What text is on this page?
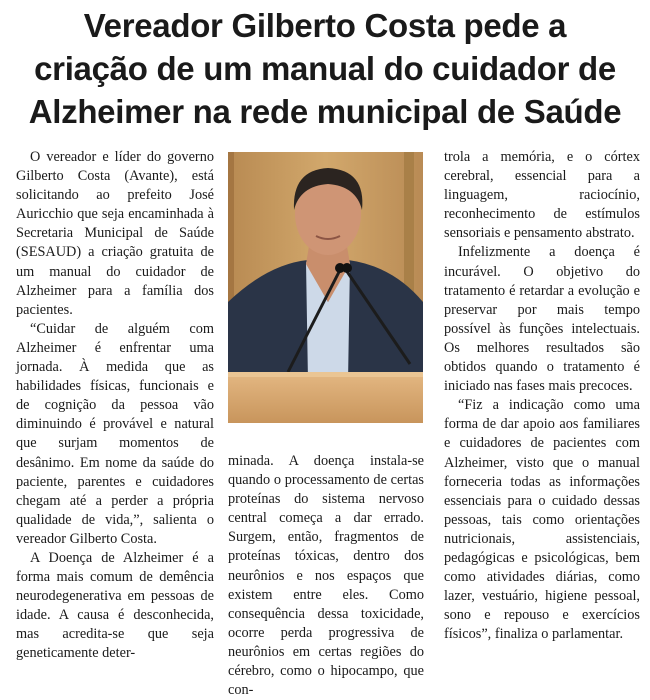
Vereador Gilberto Costa pede a
criação de um manual do cuidador de
Alzheimer na rede municipal de Saúde

O vereador e líder do governo Gilberto Costa (Avante), está solicitando ao prefeito José Auricchio que seja encaminhada à Secretaria Municipal de Saúde (SESAUD) a criação gratuita de um manual do cuidador de Alzheimer para a família dos pacientes.

“Cuidar de alguém com Alzheimer é enfrentar uma jornada. À medida que as habilidades físicas, funcionais e de cognição da pessoa vão diminuindo é provável e natural que surjam momentos de desânimo. Em nome da saúde do paciente, parentes e cuidadores chegam até a perder a própria qualidade de vida,”, salienta o vereador Gilberto Costa.

A Doença de Alzheimer é a forma mais comum de demência neurodegenerativa em pessoas de idade. A causa é desconhecida, mas acredita-se que seja geneticamente deter-

minada. A doença instala-se quando o processamento de certas proteínas do sistema nervoso central começa a dar errado. Surgem, então, fragmentos de proteínas tóxicas, dentro dos neurônios e nos espaços que existem entre eles. Como consequência dessa toxicidade, ocorre perda progressiva de neurônios em certas regiões do cérebro, como o hipocampo, que con-

trola a memória, e o córtex cerebral, essencial para a linguagem, raciocínio, reconhecimento de estímulos sensoriais e pensamento abstrato.

Infelizmente a doença é incurável. O objetivo do tratamento é retardar a evolução e preservar por mais tempo possível às funções intelectuais. Os melhores resultados são obtidos quando o tratamento é iniciado nas fases mais precoces.

“Fiz a indicação como uma forma de dar apoio aos familiares e cuidadores de pacientes com Alzheimer, visto que o manual forneceria todas as informações essenciais para o cuidado dessas pessoas, tais como orientações nutricionais, assistenciais, pedagógicas e psicológicas, bem como atividades diárias, como lazer, vestuário, higiene pessoal, sono e repouso e exercícios físicos”, finaliza o parlamentar.
